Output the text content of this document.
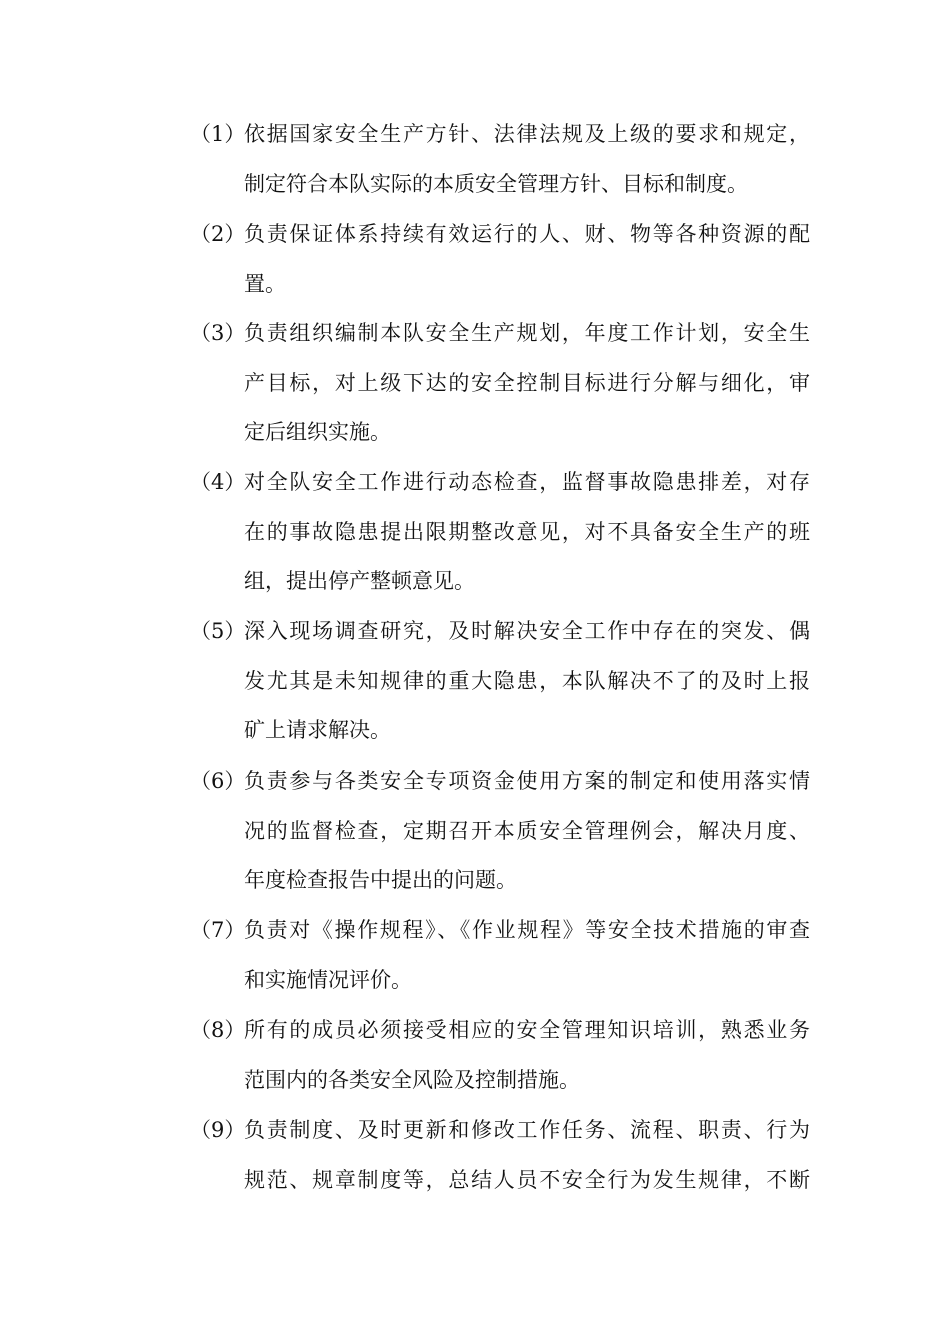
（1）
依据国家安全生产方针、法律法规及上级的要求和规定，
制定符合本队实际的本质安全管理方针、目标和制度。
（2）
负责保证体系持续有效运行的人、财、物等各种资源的配
置。
（3）
负责组织编制本队安全生产规划，年度工作计划，安全生
产目标，对上级下达的安全控制目标进行分解与细化，审
定后组织实施。
（4）
对全队安全工作进行动态检查，监督事故隐患排差，对存
在的事故隐患提出限期整改意见，对不具备安全生产的班
组，提出停产整顿意见。
（5）
深入现场调查研究，及时解决安全工作中存在的突发、偶
发尤其是未知规律的重大隐患，本队解决不了的及时上报
矿上请求解决。
（6）
负责参与各类安全专项资金使用方案的制定和使用落实情
况的监督检查，定期召开本质安全管理例会，解决月度、
年度检查报告中提出的问题。
（7）
负责对《操作规程》、《作业规程》等安全技术措施的审查
和实施情况评价。
（8）
所有的成员必须接受相应的安全管理知识培训，熟悉业务
范围内的各类安全风险及控制措施。
（9）
负责制度、及时更新和修改工作任务、流程、职责、行为
规范、规章制度等，总结人员不安全行为发生规律，不断
